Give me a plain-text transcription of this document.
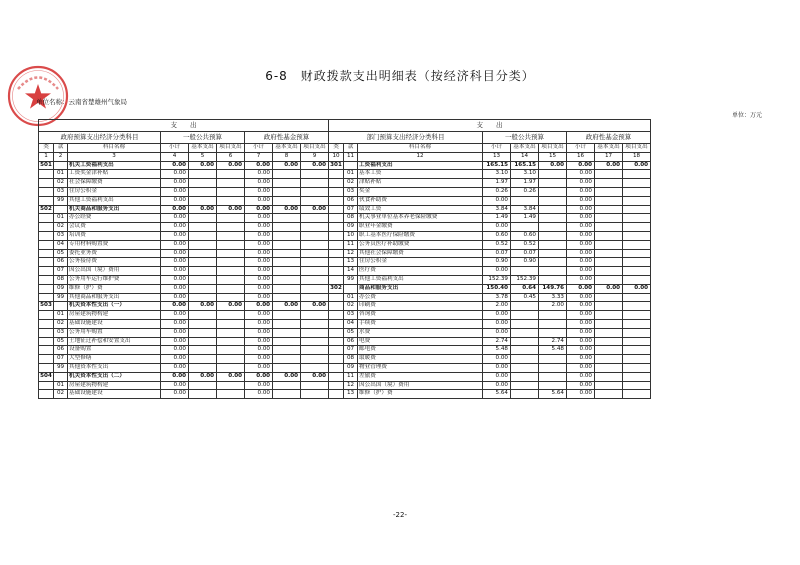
6-8　财政拨款支出明细表（按经济科目分类）
单位名称：云南省楚雄州气象局
单位：万元
支　　出									支　　出								
政府预算支出经济分类科目			一般公共预算			政府性基金预算			部门预算支出经济分类科目			一般公共预算			政府性基金预算		
类	款	科目名称	小计	基本支出	项目支出	小计	基本支出	项目支出	类	款	科目名称	小计	基本支出	项目支出	小计	基本支出	项目支出
1	2	3	4	5	6	7	8	9	10	11	12	13	14	15	16	17	18
501		机关工资福利支出	0.00	0.00	0.00	0.00	0.00	0.00	301		工资福利支出	165.15	165.15	0.00	0.00	0.00	0.00
	01	工资奖金津补贴	0.00			0.00				01	基本工资	3.10	3.10		0.00		
	02	社会保障缴费	0.00			0.00				02	津贴补贴	1.97	1.97		0.00		
	03	住房公积金	0.00			0.00				03	奖金	0.26	0.26		0.00		
	99	其他工资福利支出	0.00			0.00				06	伙食补助费	0.00			0.00		
502		机关商品和服务支出	0.00	0.00	0.00	0.00	0.00	0.00		07	绩效工资	3.84	3.84		0.00		
	01	办公经费	0.00			0.00				08	机关事业单位基本养老保险缴费	1.49	1.49		0.00		
	02	会议费	0.00			0.00				09	职业年金缴费	0.00			0.00		
	03	培训费	0.00			0.00				10	职工基本医疗保险缴费	0.60	0.60		0.00		
	04	专用材料购置费	0.00			0.00				11	公务员医疗补助缴费	0.52	0.52		0.00		
	05	委托业务费	0.00			0.00				12	其他社会保障缴费	0.07	0.07		0.00		
	06	公务接待费	0.00			0.00				13	住房公积金	0.90	0.90		0.00		
	07	因公出国（境）费用	0.00			0.00				14	医疗费	0.00			0.00		
	08	公务用车运行维护费	0.00			0.00				99	其他工资福利支出	152.39	152.39		0.00		
	09	维修（护）费	0.00			0.00			302		商品和服务支出	150.40	0.64	149.76	0.00	0.00	0.00
	99	其他商品和服务支出	0.00			0.00				01	办公费	3.78	0.45	3.33	0.00		
503		机关资本性支出（一）	0.00	0.00	0.00	0.00	0.00	0.00		02	印刷费	2.00		2.00	0.00		
	01	房屋建筑物构建	0.00			0.00				03	咨询费	0.00			0.00		
	02	基础设施建设	0.00			0.00				04	手续费	0.00			0.00		
	03	公务用车购置	0.00			0.00				05	水费	0.00			0.00		
	05	土地征迁补偿和安置支出	0.00			0.00				06	电费	2.74		2.74	0.00		
	06	设备购置	0.00			0.00				07	邮电费	5.48		5.48	0.00		
	07	大型修缮	0.00			0.00				08	取暖费	0.00			0.00		
	99	其他资本性支出	0.00			0.00				09	物业管理费	0.00			0.00		
504		机关资本性支出（二）	0.00	0.00	0.00	0.00	0.00	0.00		11	差旅费	0.00			0.00		
	01	房屋建筑物构建	0.00			0.00				12	因公出国（境）费用	0.00			0.00		
	02	基础设施建设	0.00			0.00				13	维修（护）费	5.64		5.64	0.00		
-22-
